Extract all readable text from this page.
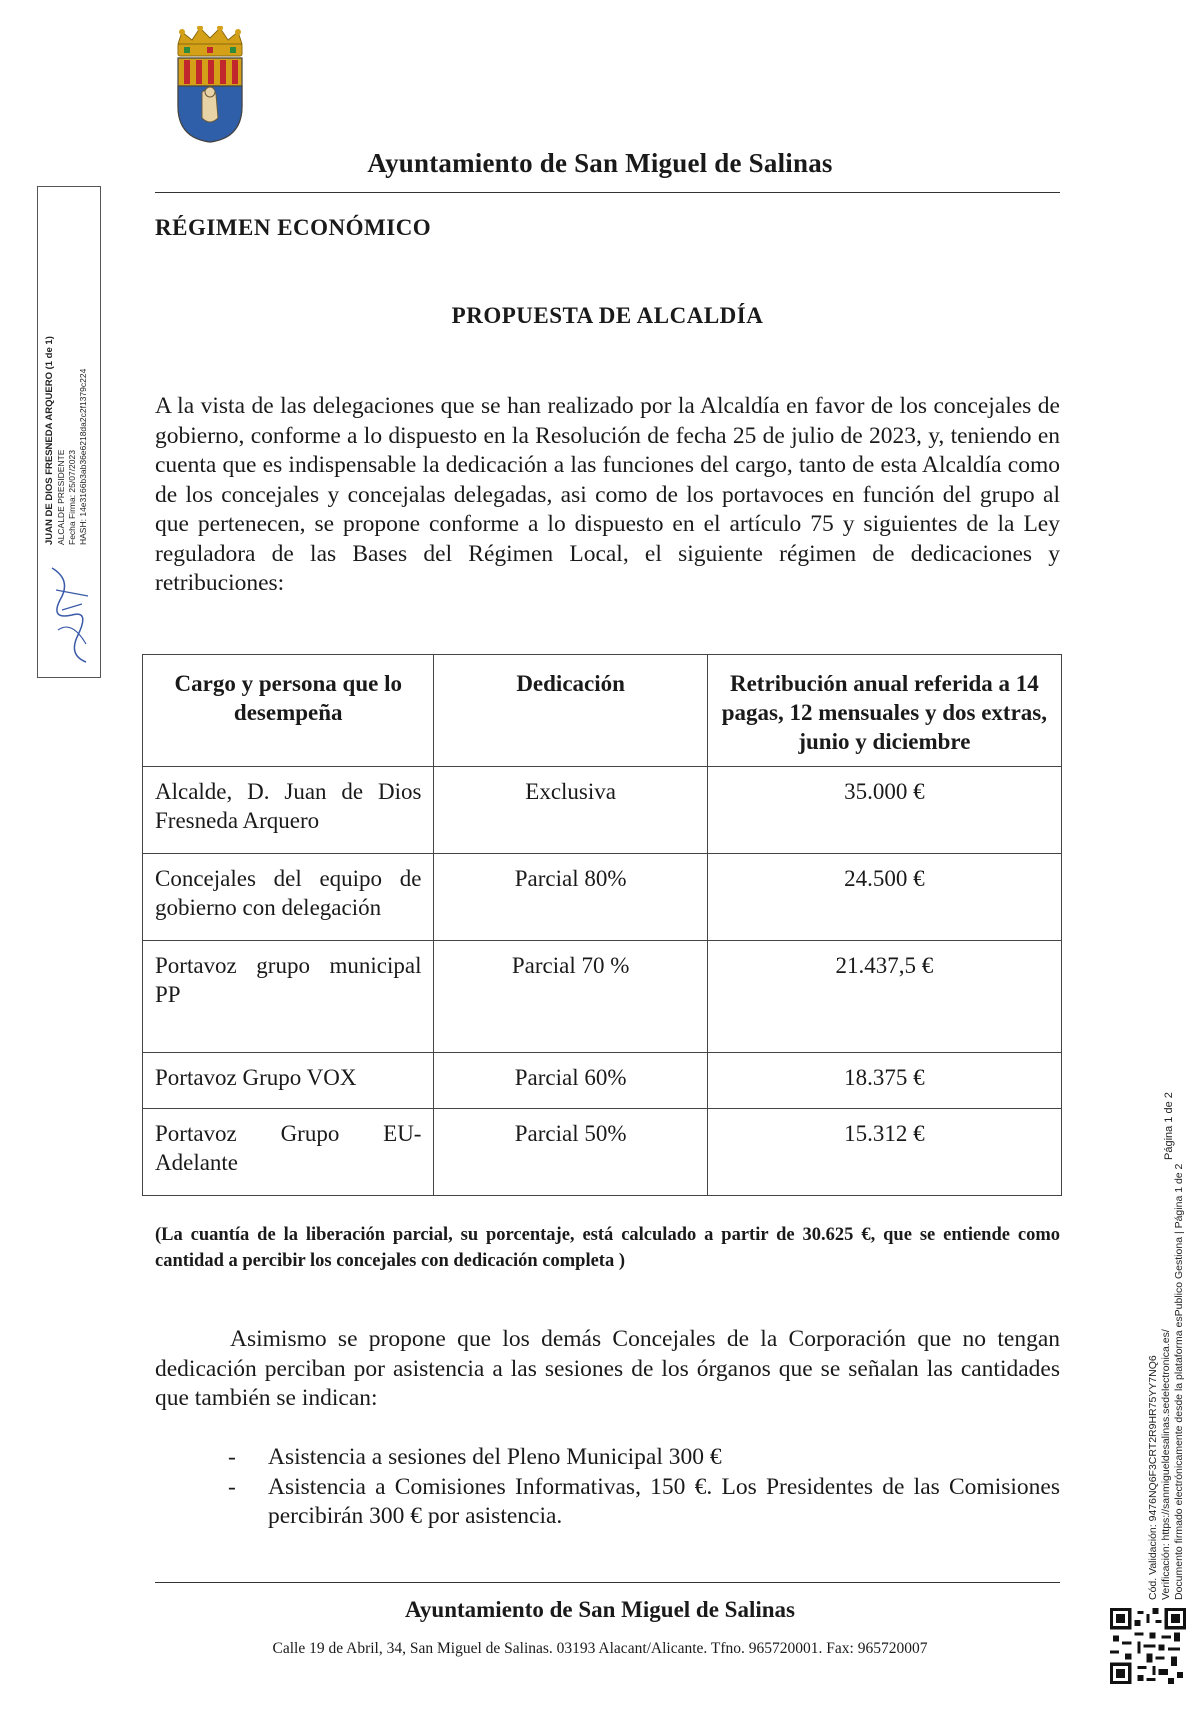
Ayuntamiento de San Miguel de Salinas
RÉGIMEN ECONÓMICO
PROPUESTA DE ALCALDÍA
A la vista de las delegaciones que se han realizado por la Alcaldía en favor de los concejales de gobierno, conforme a lo dispuesto en la Resolución de fecha 25 de julio de 2023, y, teniendo en cuenta que es indispensable la dedicación a las funciones del cargo, tanto de esta Alcaldía como de los concejales y concejalas delegadas, asi como de los portavoces en función del grupo al que pertenecen, se propone conforme a lo dispuesto en el artículo 75 y siguientes de la Ley reguladora de las Bases del Régimen Local, el siguiente régimen de dedicaciones y retribuciones:
Cargo y persona que lo desempeña	Dedicación	Retribución anual referida a 14 pagas, 12 mensuales y dos extras, junio y diciembre
Alcalde, D. Juan de Dios Fresneda Arquero	Exclusiva	35.000 €
Concejales del equipo de gobierno con delegación	Parcial 80%	24.500 €
Portavoz grupo municipal PP	Parcial 70 %	21.437,5 €
Portavoz Grupo VOX	Parcial 60%	18.375 €
Portavoz Grupo EU-Adelante	Parcial 50%	15.312 €
(La cuantía de la liberación parcial, su porcentaje, está calculado a partir de 30.625 €, que se entiende como cantidad a percibir los concejales con dedicación completa )
Asimismo se propone que los demás Concejales de la Corporación que no tengan dedicación perciban por asistencia a las sesiones de los órganos que se señalan las cantidades que también se indican:
- Asistencia a sesiones del Pleno Municipal 300 €
- Asistencia a Comisiones Informativas, 150 €. Los Presidentes de las Comisiones percibirán 300 € por asistencia.
Ayuntamiento de San Miguel de Salinas
Calle 19 de Abril, 34, San Miguel de Salinas. 03193 Alacant/Alicante. Tfno. 965720001. Fax: 965720007
JUAN DE DIOS FRESNEDA ARQUERO (1 de 1) ALCALDE PRESIDENTE Fecha Firma: 25/07/2023 HASH: 14e3166b3ab36e6218da2c2f1379c224
Página 1 de 2
Cód. Validación: 9476NQ6F3CRT2R9HR75YY7NQ6 Verificación: https://sanmigueldesalinas.sedelectronica.es/ Documento firmado electrónicamente desde la plataforma esPublico Gestiona | Página 1 de 2
